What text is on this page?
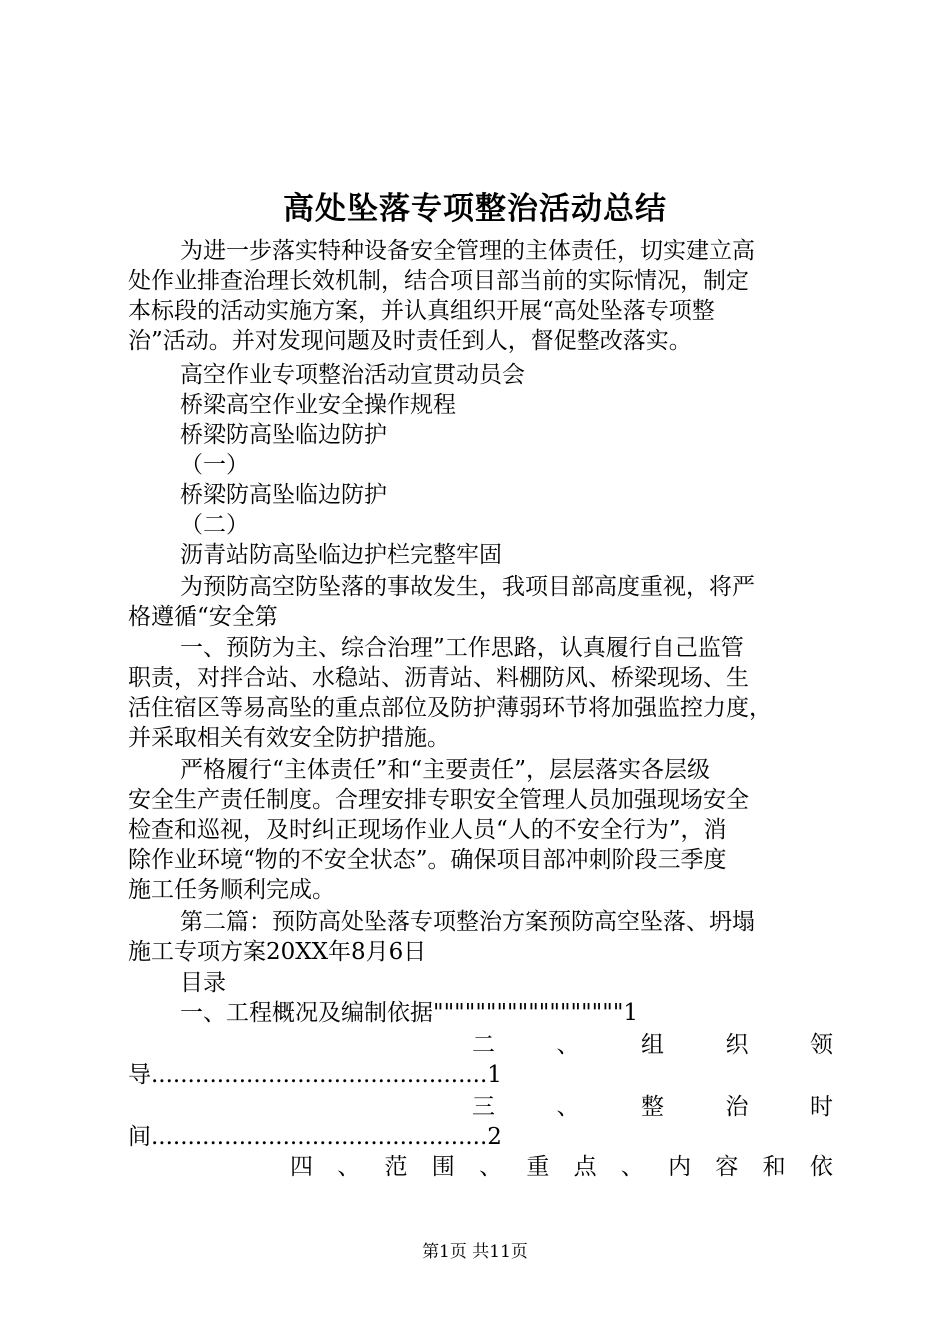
高处坠落专项整治活动总结
为进一步落实特种设备安全管理的主体责任，切实建立高
处作业排查治理长效机制，结合项目部当前的实际情况，制定
本标段的活动实施方案，并认真组织开展“高处坠落专项整
治”活动。并对发现问题及时责任到人，督促整改落实。
高空作业专项整治活动宣贯动员会
桥梁高空作业安全操作规程
桥梁防高坠临边防护
（一）
桥梁防高坠临边防护
（二）
沥青站防高坠临边护栏完整牢固
为预防高空防坠落的事故发生，我项目部高度重视，将严
格遵循“安全第
一、预防为主、综合治理”工作思路，认真履行自己监管
职责，对拌合站、水稳站、沥青站、料棚防风、桥梁现场、生
活住宿区等易高坠的重点部位及防护薄弱环节将加强监控力度，
并采取相关有效安全防护措施。
严格履行“主体责任”和“主要责任”，层层落实各层级
安全生产责任制度。合理安排专职安全管理人员加强现场安全
检查和巡视，及时纠正现场作业人员“人的不安全行为”，消
除作业环境“物的不安全状态”。确保项目部冲刺阶段三季度
施工任务顺利完成。
第二篇：预防高处坠落专项整治方案预防高空坠落、坍塌
施工专项方案20XX年8月6日
目录
一、工程概况及编制依据""""""""""""""""""1
二	、	组	织	领
导..............................................1
三	、	整	治	时
间..............................................2
四 、 范 围 、 重 点 、 内 容 和 依
第1页 共11页
